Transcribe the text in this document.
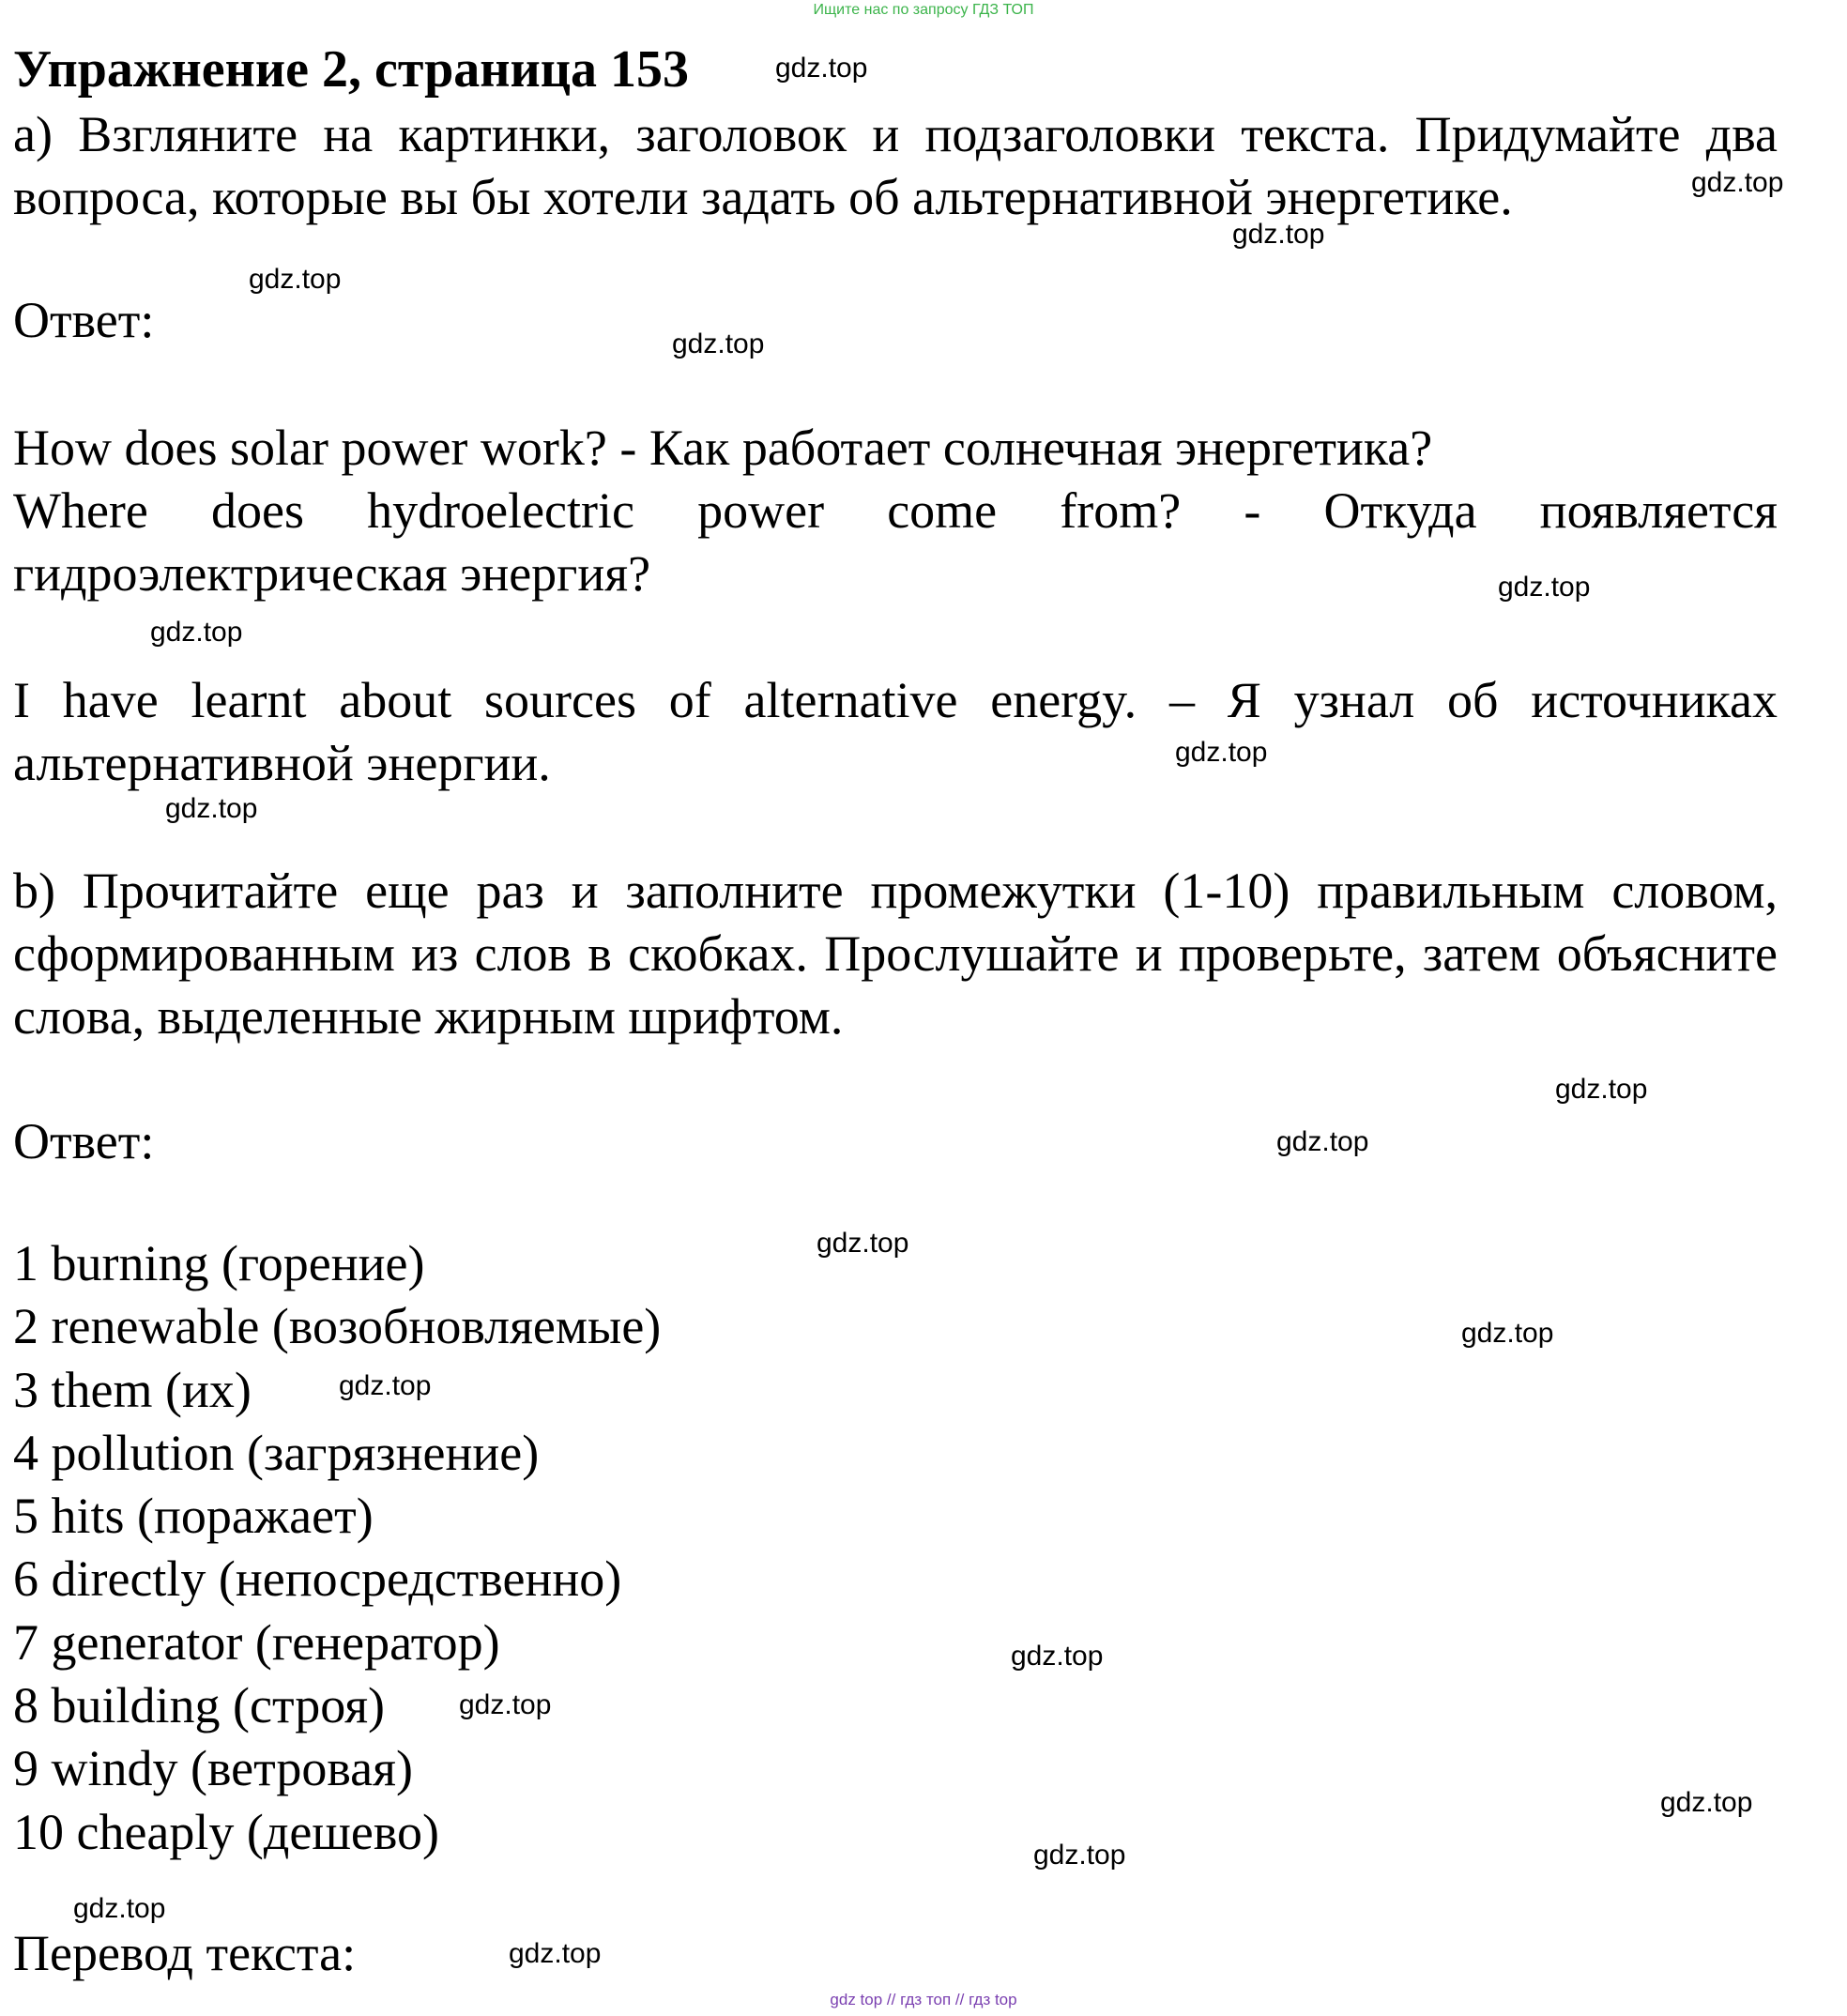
Ищите нас по запросу ГДЗ ТОП
Упражнение 2, страница 153
a) Взгляните на картинки, заголовок и подзаголовки текста. Придумайте два вопроса, которые вы бы хотели задать об альтернативной энергетике.
Ответ:
How does solar power work? - Как работает солнечная энергетика?
Where does hydroelectric power come from? - Откуда появляется гидроэлектрическая энергия?
I have learnt about sources of alternative energy. – Я узнал об источниках альтернативной энергии.
b) Прочитайте еще раз и заполните промежутки (1-10) правильным словом, сформированным из слов в скобках. Прослушайте и проверьте, затем объясните слова, выделенные жирным шрифтом.
Ответ:
1 burning (горение)
2 renewable (возобновляемые)
3 them (их)
4 pollution (загрязнение)
5 hits (поражает)
6 directly (непосредственно)
7 generator (генератор)
8 building (строя)
9 windy (ветровая)
10 cheaply (дешево)
Перевод текста:
gdz.top
gdz.top
gdz.top
gdz.top
gdz.top
gdz.top
gdz.top
gdz.top
gdz.top
gdz.top
gdz.top
gdz.top
gdz.top
gdz.top
gdz.top
gdz.top
gdz.top
gdz.top
gdz.top
gdz.top
gdz top // гдз топ // гдз top
